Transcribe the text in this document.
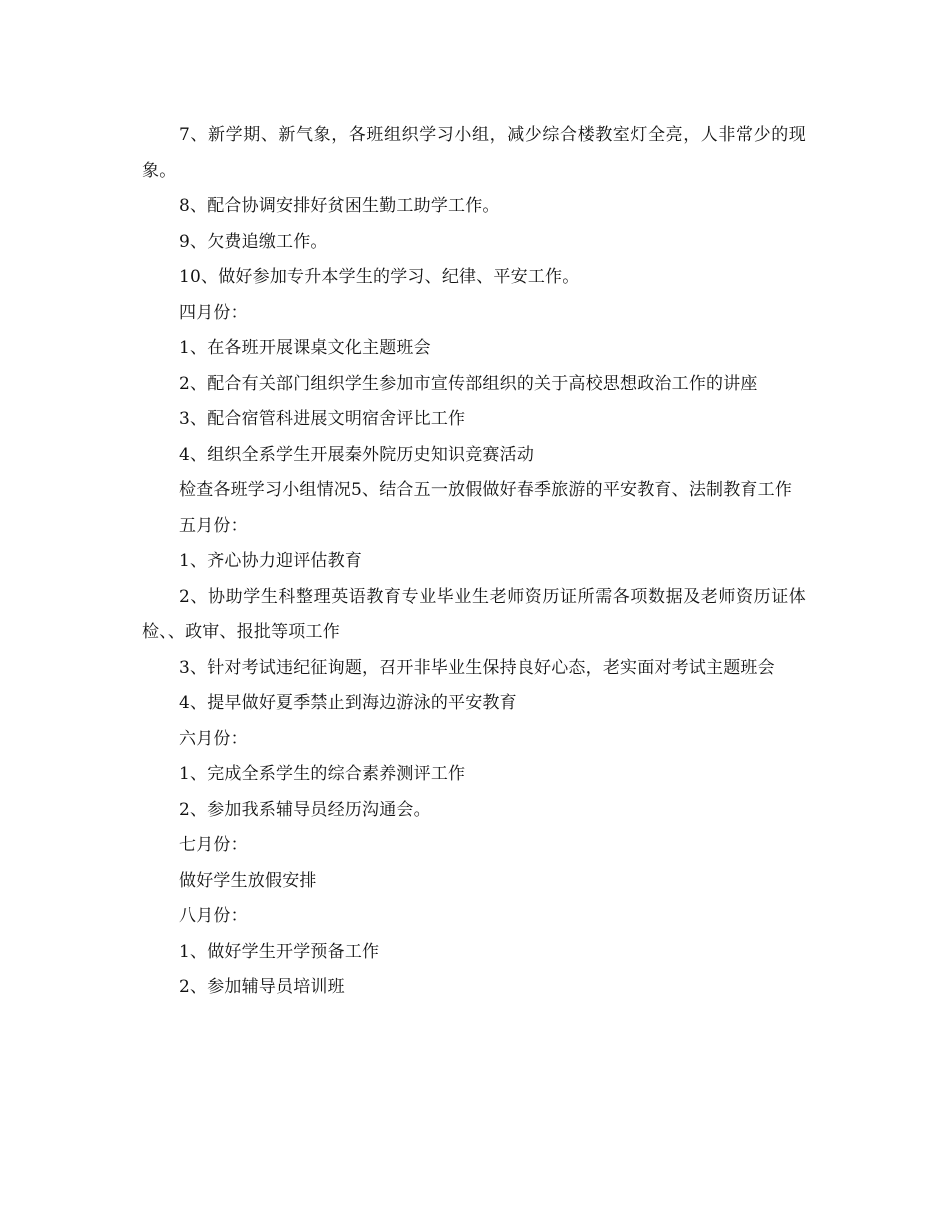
7、新学期、新气象，各班组织学习小组，减少综合楼教室灯全亮，人非常少的现象。

8、配合协调安排好贫困生勤工助学工作。

9、欠费追缴工作。

10、做好参加专升本学生的学习、纪律、平安工作。

四月份：

1、在各班开展课桌文化主题班会

2、配合有关部门组织学生参加市宣传部组织的关于高校思想政治工作的讲座

3、配合宿管科进展文明宿舍评比工作

4、组织全系学生开展秦外院历史知识竞赛活动

检查各班学习小组情况5、结合五一放假做好春季旅游的平安教育、法制教育工作

五月份：

1、齐心协力迎评估教育

2、协助学生科整理英语教育专业毕业生老师资历证所需各项数据及老师资历证体检、、政审、报批等项工作

3、针对考试违纪征询题，召开非毕业生保持良好心态，老实面对考试主题班会

4、提早做好夏季禁止到海边游泳的平安教育

六月份：

1、完成全系学生的综合素养测评工作

2、参加我系辅导员经历沟通会。

七月份：

做好学生放假安排

八月份：

1、做好学生开学预备工作

2、参加辅导员培训班
